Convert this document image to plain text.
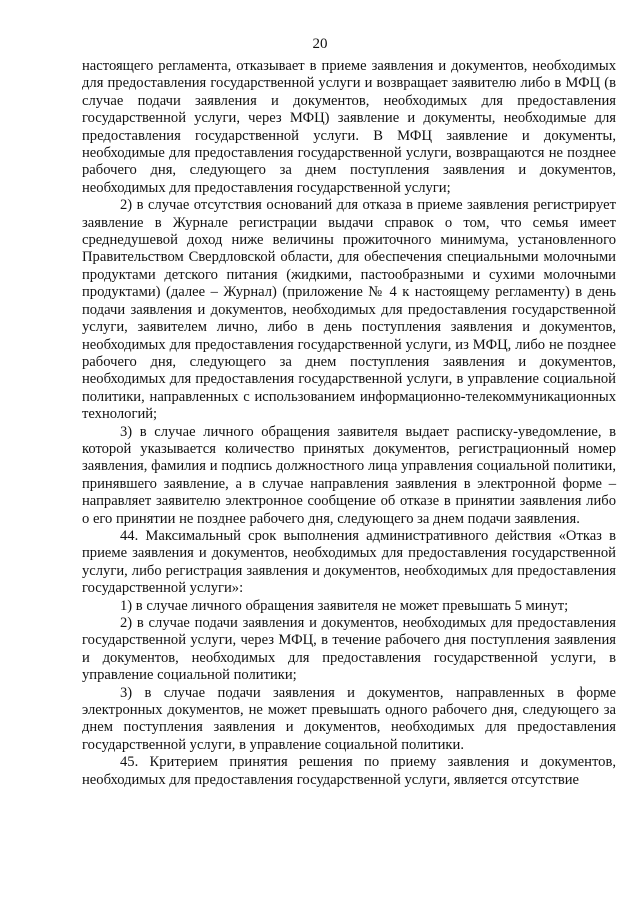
20

настоящего регламента, отказывает в приеме заявления и документов, необходимых для предоставления государственной услуги и возвращает заявителю либо в МФЦ (в случае подачи заявления и документов, необходимых для предоставления государственной услуги, через МФЦ) заявление и документы, необходимые для предоставления государственной услуги. В МФЦ заявление и документы, необходимые для предоставления государственной услуги, возвращаются не позднее рабочего дня, следующего за днем поступления заявления и документов, необходимых для предоставления государственной услуги;

2) в случае отсутствия оснований для отказа в приеме заявления регистрирует заявление в Журнале регистрации выдачи справок о том, что семья имеет среднедушевой доход ниже величины прожиточного минимума, установленного Правительством Свердловской области, для обеспечения специальными молочными продуктами детского питания (жидкими, пастообразными и сухими молочными продуктами) (далее – Журнал) (приложение № 4 к настоящему регламенту) в день подачи заявления и документов, необходимых для предоставления государственной услуги, заявителем лично, либо в день поступления заявления и документов, необходимых для предоставления государственной услуги, из МФЦ, либо не позднее рабочего дня, следующего за днем поступления заявления и документов, необходимых для предоставления государственной услуги, в управление социальной политики, направленных с использованием информационно-телекоммуникационных технологий;

3) в случае личного обращения заявителя выдает расписку-уведомление, в которой указывается количество принятых документов, регистрационный номер заявления, фамилия и подпись должностного лица управления социальной политики, принявшего заявление, а в случае направления заявления в электронной форме – направляет заявителю электронное сообщение об отказе в принятии заявления либо о его принятии не позднее рабочего дня, следующего за днем подачи заявления.

44. Максимальный срок выполнения административного действия «Отказ в приеме заявления и документов, необходимых для предоставления государственной услуги, либо регистрация заявления и документов, необходимых для предоставления государственной услуги»:

1) в случае личного обращения заявителя не может превышать 5 минут;

2) в случае подачи заявления и документов, необходимых для предоставления государственной услуги, через МФЦ, в течение рабочего дня поступления заявления и документов, необходимых для предоставления государственной услуги, в управление социальной политики;

3) в случае подачи заявления и документов, направленных в форме электронных документов, не может превышать одного рабочего дня, следующего за днем поступления заявления и документов, необходимых для предоставления государственной услуги, в управление социальной политики.

45. Критерием принятия решения по приему заявления и документов, необходимых для предоставления государственной услуги, является отсутствие
